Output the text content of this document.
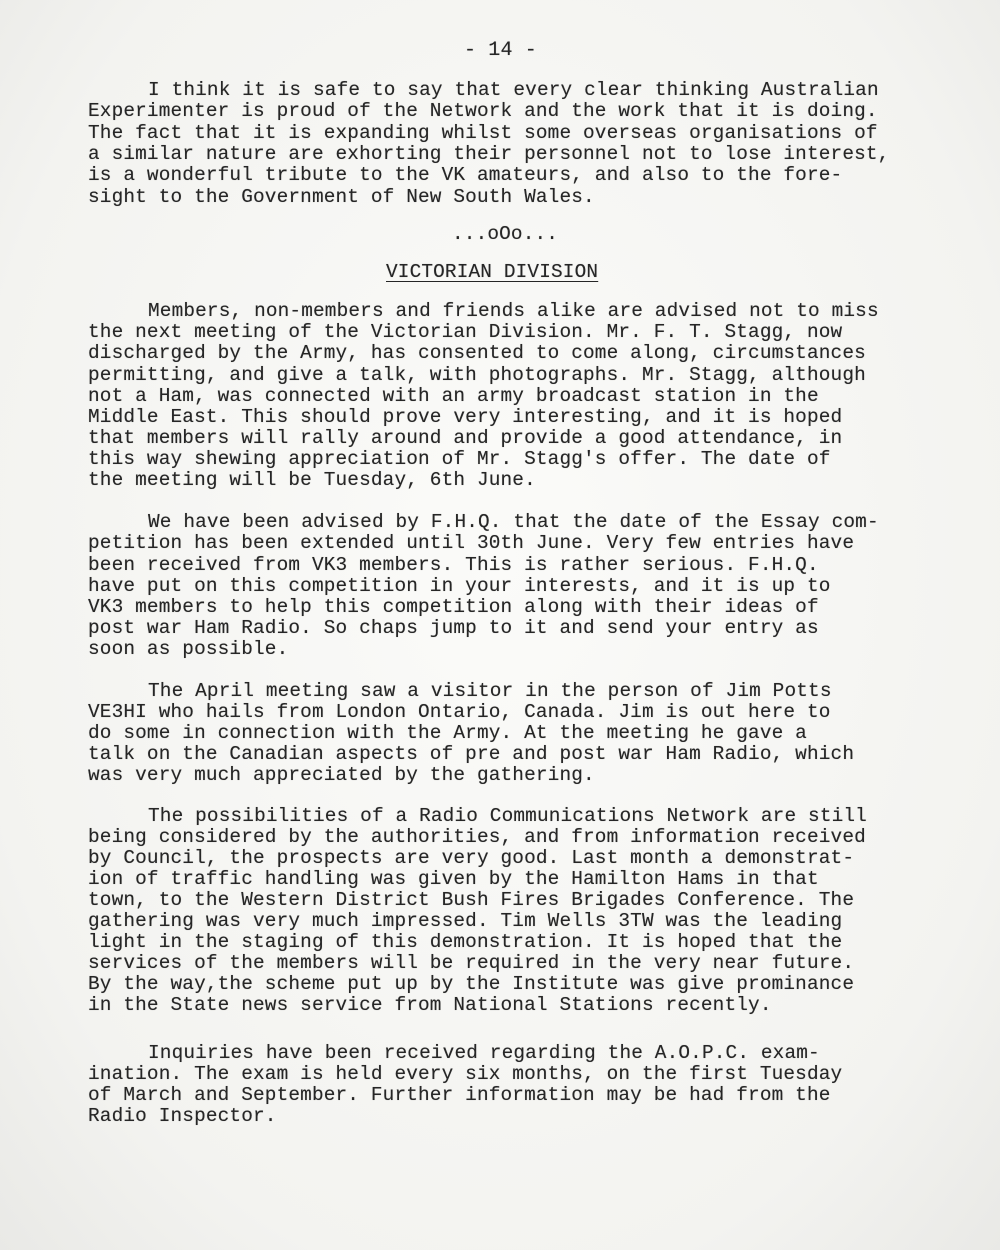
- 14 -
I think it is safe to say that every clear thinking Australian
Experimenter is proud of the Network and the work that it is doing.
The fact that it is expanding whilst some overseas organisations of
a similar nature are exhorting their personnel not to lose interest,
is a wonderful tribute to the VK amateurs, and also to the fore-
sight to the Government of New South Wales.
...oOo...
VICTORIAN DIVISION
Members, non-members and friends alike are advised not to miss
the next meeting of the Victorian Division. Mr. F. T. Stagg, now
discharged by the Army, has consented to come along, circumstances
permitting, and give a talk, with photographs. Mr. Stagg, although
not a Ham, was connected with an army broadcast station in the
Middle East. This should prove very interesting, and it is hoped
that members will rally around and provide a good attendance, in
this way shewing appreciation of Mr. Stagg's offer. The date of
the meeting will be Tuesday, 6th June.
We have been advised by F.H.Q. that the date of the Essay com-
petition has been extended until 30th June. Very few entries have
been received from VK3 members. This is rather serious. F.H.Q.
have put on this competition in your interests, and it is up to
VK3 members to help this competition along with their ideas of
post war Ham Radio. So chaps jump to it and send your entry as
soon as possible.
The April meeting saw a visitor in the person of Jim Potts
VE3HI who hails from London Ontario, Canada. Jim is out here to
do some in connection with the Army. At the meeting he gave a
talk on the Canadian aspects of pre and post war Ham Radio, which
was very much appreciated by the gathering.
The possibilities of a Radio Communications Network are still
being considered by the authorities, and from information received
by Council, the prospects are very good. Last month a demonstrat-
ion of traffic handling was given by the Hamilton Hams in that
town, to the Western District Bush Fires Brigades Conference. The
gathering was very much impressed. Tim Wells 3TW was the leading
light in the staging of this demonstration. It is hoped that the
services of the members will be required in the very near future.
By the way,the scheme put up by the Institute was give prominance
in the State news service from National Stations recently.
Inquiries have been received regarding the A.O.P.C. exam-
ination. The exam is held every six months, on the first Tuesday
of March and September. Further information may be had from the
Radio Inspector.
